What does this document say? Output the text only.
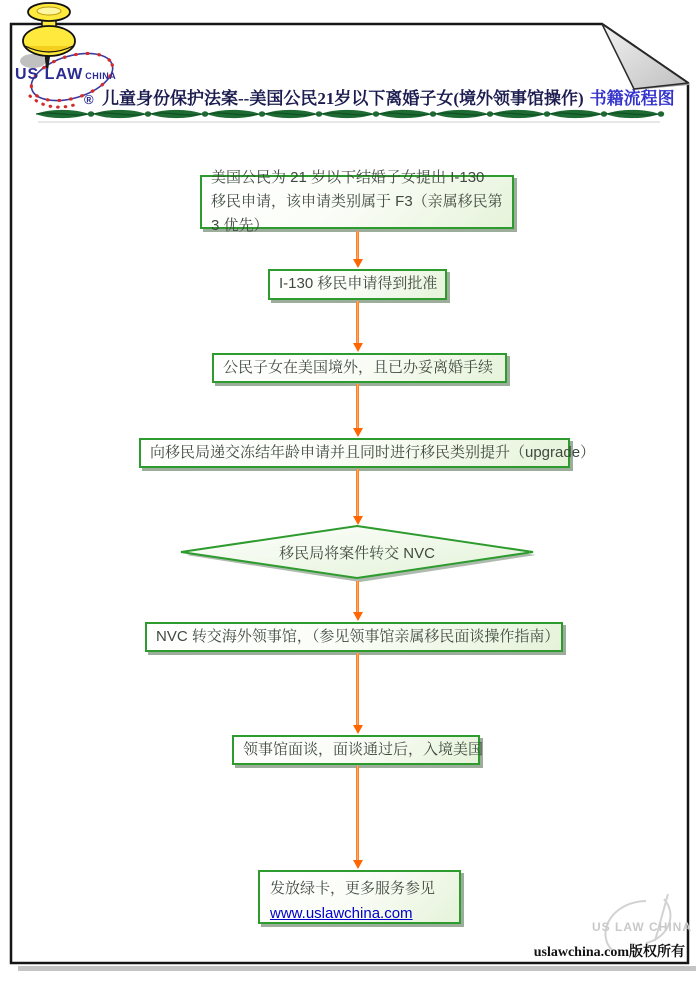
US LAW CHINA
® 儿童身份保护法案--美国公民21岁以下离婚子女(境外领事馆操作) 书籍流程图
美国公民为 21 岁以下结婚子女提出 I-130 移民申请，该申请类别属于 F3（亲属移民第 3 优先）
I-130 移民申请得到批准
公民子女在美国境外，且已办妥离婚手续
向移民局递交冻结年龄申请并且同时进行移民类别提升（upgrade）
移民局将案件转交 NVC
NVC 转交海外领事馆，（参见领事馆亲属移民面谈操作指南）
领事馆面谈，面谈通过后，入境美国
发放绿卡，更多服务参见
www.uslawchina.com
US LAW CHINA
uslawchina.com版权所有
